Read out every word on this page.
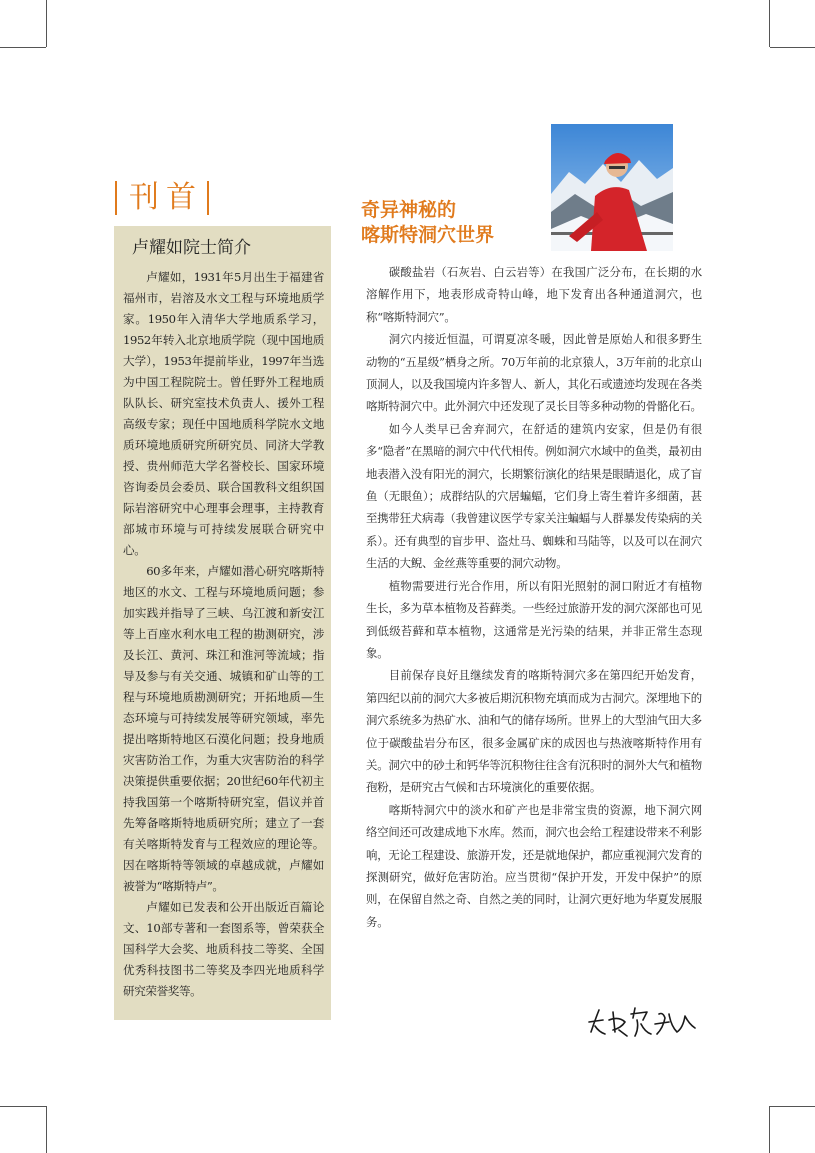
刊首
卢耀如院士简介

卢耀如，1931年5月出生于福建省福州市，岩溶及水文工程与环境地质学家。1950年入清华大学地质系学习，1952年转入北京地质学院（现中国地质大学），1953年提前毕业，1997年当选为中国工程院院士。曾任野外工程地质队队长、研究室技术负责人、援外工程高级专家；现任中国地质科学院水文地质环境地质研究所研究员、同济大学教授、贵州师范大学名誉校长、国家环境咨询委员会委员、联合国教科文组织国际岩溶研究中心理事会理事，主持教育部城市环境与可持续发展联合研究中心。

60多年来，卢耀如潜心研究喀斯特地区的水文、工程与环境地质问题；参加实践并指导了三峡、乌江渡和新安江等上百座水利水电工程的勘测研究，涉及长江、黄河、珠江和淮河等流域；指导及参与有关交通、城镇和矿山等的工程与环境地质勘测研究；开拓地质—生态环境与可持续发展等研究领域，率先提出喀斯特地区石漠化问题；投身地质灾害防治工作，为重大灾害防治的科学决策提供重要依据；20世纪60年代初主持我国第一个喀斯特研究室，倡议并首先筹备喀斯特地质研究所；建立了一套有关喀斯特发育与工程效应的理论等。因在喀斯特等领域的卓越成就，卢耀如被誉为“喀斯特卢”。

卢耀如已发表和公开出版近百篇论文、10部专著和一套图系等，曾荣获全国科学大会奖、地质科技二等奖、全国优秀科技图书二等奖及李四光地质科学研究荣誉奖等。

奇异神秘的
喀斯特洞穴世界

碳酸盐岩（石灰岩、白云岩等）在我国广泛分布，在长期的水溶解作用下，地表形成奇特山峰，地下发育出各种通道洞穴，也称“喀斯特洞穴”。

洞穴内接近恒温，可谓夏凉冬暖，因此曾是原始人和很多野生动物的“五星级”栖身之所。70万年前的北京猿人，3万年前的北京山顶洞人，以及我国境内许多智人、新人，其化石或遗迹均发现在各类喀斯特洞穴中。此外洞穴中还发现了灵长目等多种动物的骨骼化石。

如今人类早已舍弃洞穴，在舒适的建筑内安家，但是仍有很多“隐者”在黑暗的洞穴中代代相传。例如洞穴水域中的鱼类，最初由地表潜入没有阳光的洞穴，长期繁衍演化的结果是眼睛退化，成了盲鱼（无眼鱼）；成群结队的穴居蝙蝠，它们身上寄生着许多细菌，甚至携带狂犬病毒（我曾建议医学专家关注蝙蝠与人群暴发传染病的关系）。还有典型的盲步甲、盗灶马、蜘蛛和马陆等，以及可以在洞穴生活的大鲵、金丝燕等重要的洞穴动物。

植物需要进行光合作用，所以有阳光照射的洞口附近才有植物生长，多为草本植物及苔藓类。一些经过旅游开发的洞穴深部也可见到低级苔藓和草本植物，这通常是光污染的结果，并非正常生态现象。

目前保存良好且继续发育的喀斯特洞穴多在第四纪开始发育，第四纪以前的洞穴大多被后期沉积物充填而成为古洞穴。深埋地下的洞穴系统多为热矿水、油和气的储存场所。世界上的大型油气田大多位于碳酸盐岩分布区，很多金属矿床的成因也与热液喀斯特作用有关。洞穴中的砂土和钙华等沉积物往往含有沉积时的洞外大气和植物孢粉，是研究古气候和古环境演化的重要依据。

喀斯特洞穴中的淡水和矿产也是非常宝贵的资源，地下洞穴网络空间还可改建成地下水库。然而，洞穴也会给工程建设带来不利影响，无论工程建设、旅游开发，还是就地保护，都应重视洞穴发育的探测研究，做好危害防治。应当贯彻“保护开发，开发中保护”的原则，在保留自然之奇、自然之美的同时，让洞穴更好地为华夏发展服务。
